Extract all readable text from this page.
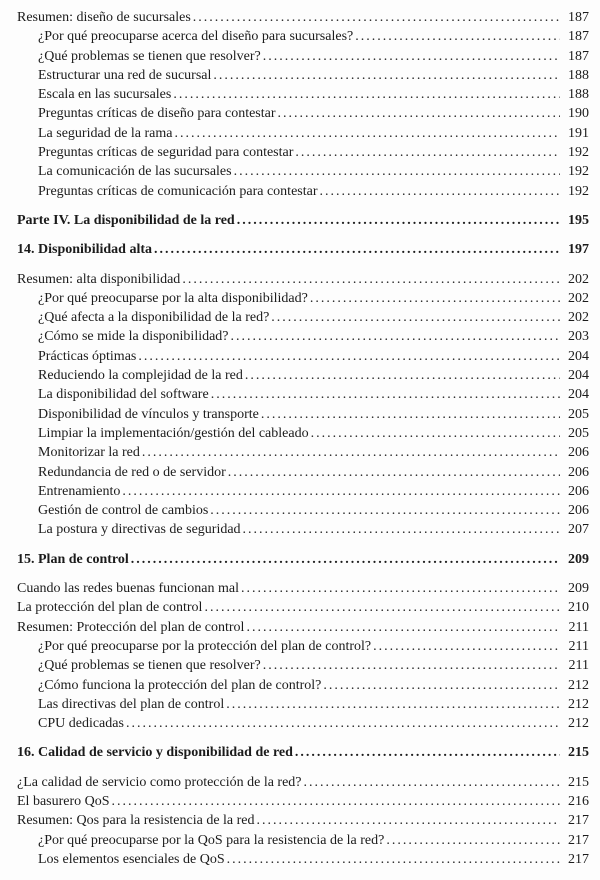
Resumen: diseño de sucursales .....	187
¿Por qué preocuparse acerca del diseño para sucursales? .....	187
¿Qué problemas se tienen que resolver? .....	187
Estructurar una red de sucursal .....	188
Escala en las sucursales .....	188
Preguntas críticas de diseño para contestar .....	190
La seguridad de la rama .....	191
Preguntas críticas de seguridad para contestar .....	192
La comunicación de las sucursales .....	192
Preguntas críticas de comunicación para contestar .....	192
Parte IV. La disponibilidad de la red .....	195
14. Disponibilidad alta .....	197
Resumen: alta disponibilidad .....	202
¿Por qué preocuparse por la alta disponibilidad? .....	202
¿Qué afecta a la disponibilidad de la red? .....	202
¿Cómo se mide la disponibilidad? .....	203
Prácticas óptimas .....	204
Reduciendo la complejidad de la red .....	204
La disponibilidad del software .....	204
Disponibilidad de vínculos y transporte .....	205
Limpiar la implementación/gestión del cableado .....	205
Monitorizar la red .....	206
Redundancia de red o de servidor .....	206
Entrenamiento .....	206
Gestión de control de cambios .....	206
La postura y directivas de seguridad .....	207
15. Plan de control .....	209
Cuando las redes buenas funcionan mal .....	209
La protección del plan de control .....	210
Resumen: Protección del plan de control .....	211
¿Por qué preocuparse por la protección del plan de control? .....	211
¿Qué problemas se tienen que resolver? .....	211
¿Cómo funciona la protección del plan de control? .....	212
Las directivas del plan de control .....	212
CPU dedicadas .....	212
16. Calidad de servicio y disponibilidad de red .....	215
¿La calidad de servicio como protección de la red? .....	215
El basurero QoS .....	216
Resumen: Qos para la resistencia de la red .....	217
¿Por qué preocuparse por la QoS para la resistencia de la red? .....	217
Los elementos esenciales de QoS .....	217
